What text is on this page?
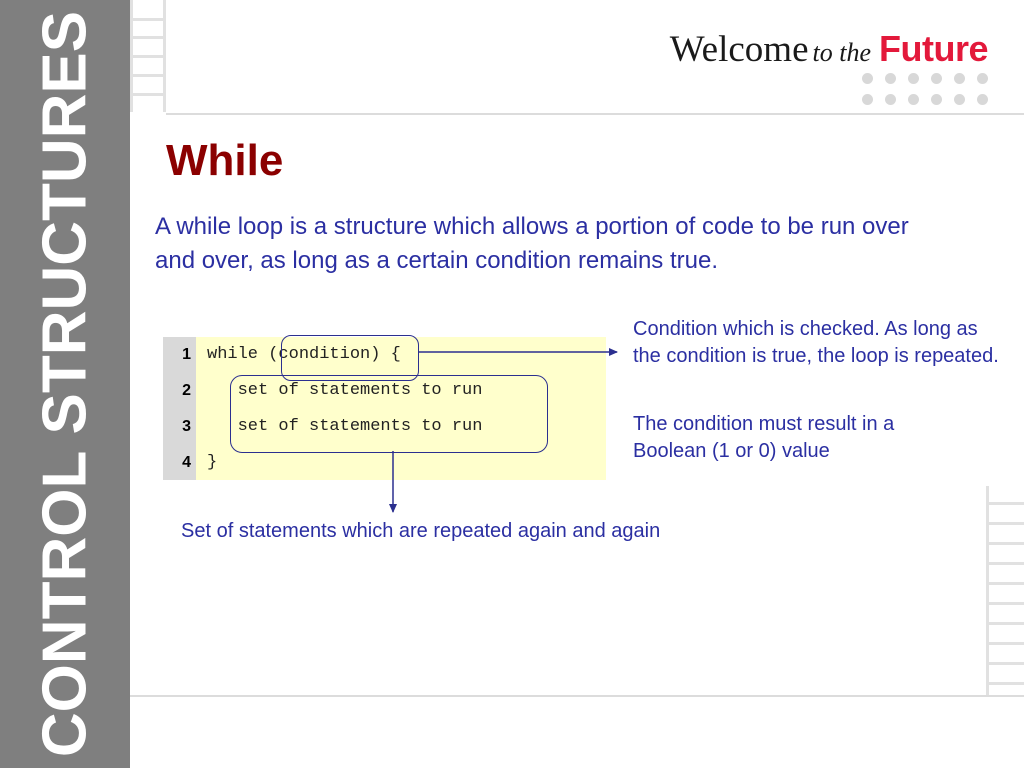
CONTROL STRUCTURES	Welcome to the Future
While
A while loop is a structure which allows a portion of code to be run over and over, as long as a certain condition remains true.
1
2
3
4
while (condition) {
set of statements to run
set of statements to run
}
Condition which is checked. As long as the condition is true, the loop is repeated.
The condition must result in a Boolean (1 or 0) value
Set of statements which are repeated again and again
